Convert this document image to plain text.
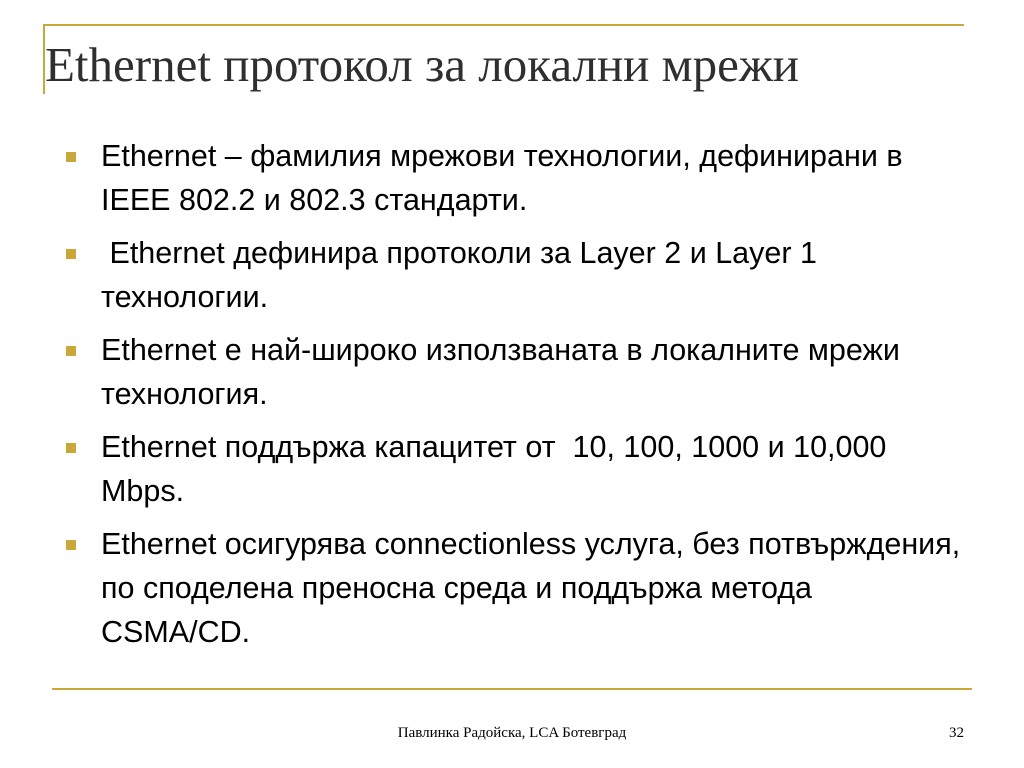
Ethernet протокол за локални мрежи
Ethernet – фамилия мрежови технологии, дефинирани в IEEE 802.2 и 802.3 стандарти.
Ethernet дефинира протоколи за Layer 2 и Layer 1 технологии.
Ethernet е най-широко използваната в локалните мрежи технология.
Ethernet поддържа капацитет от  10, 100, 1000 и 10,000 Mbps.
Ethernet осигурява connectionless услуга, без потвърждения, по споделена преносна среда и поддържа метода CSMA/CD.
Павлинка Радойска, LCA Ботевград	32
